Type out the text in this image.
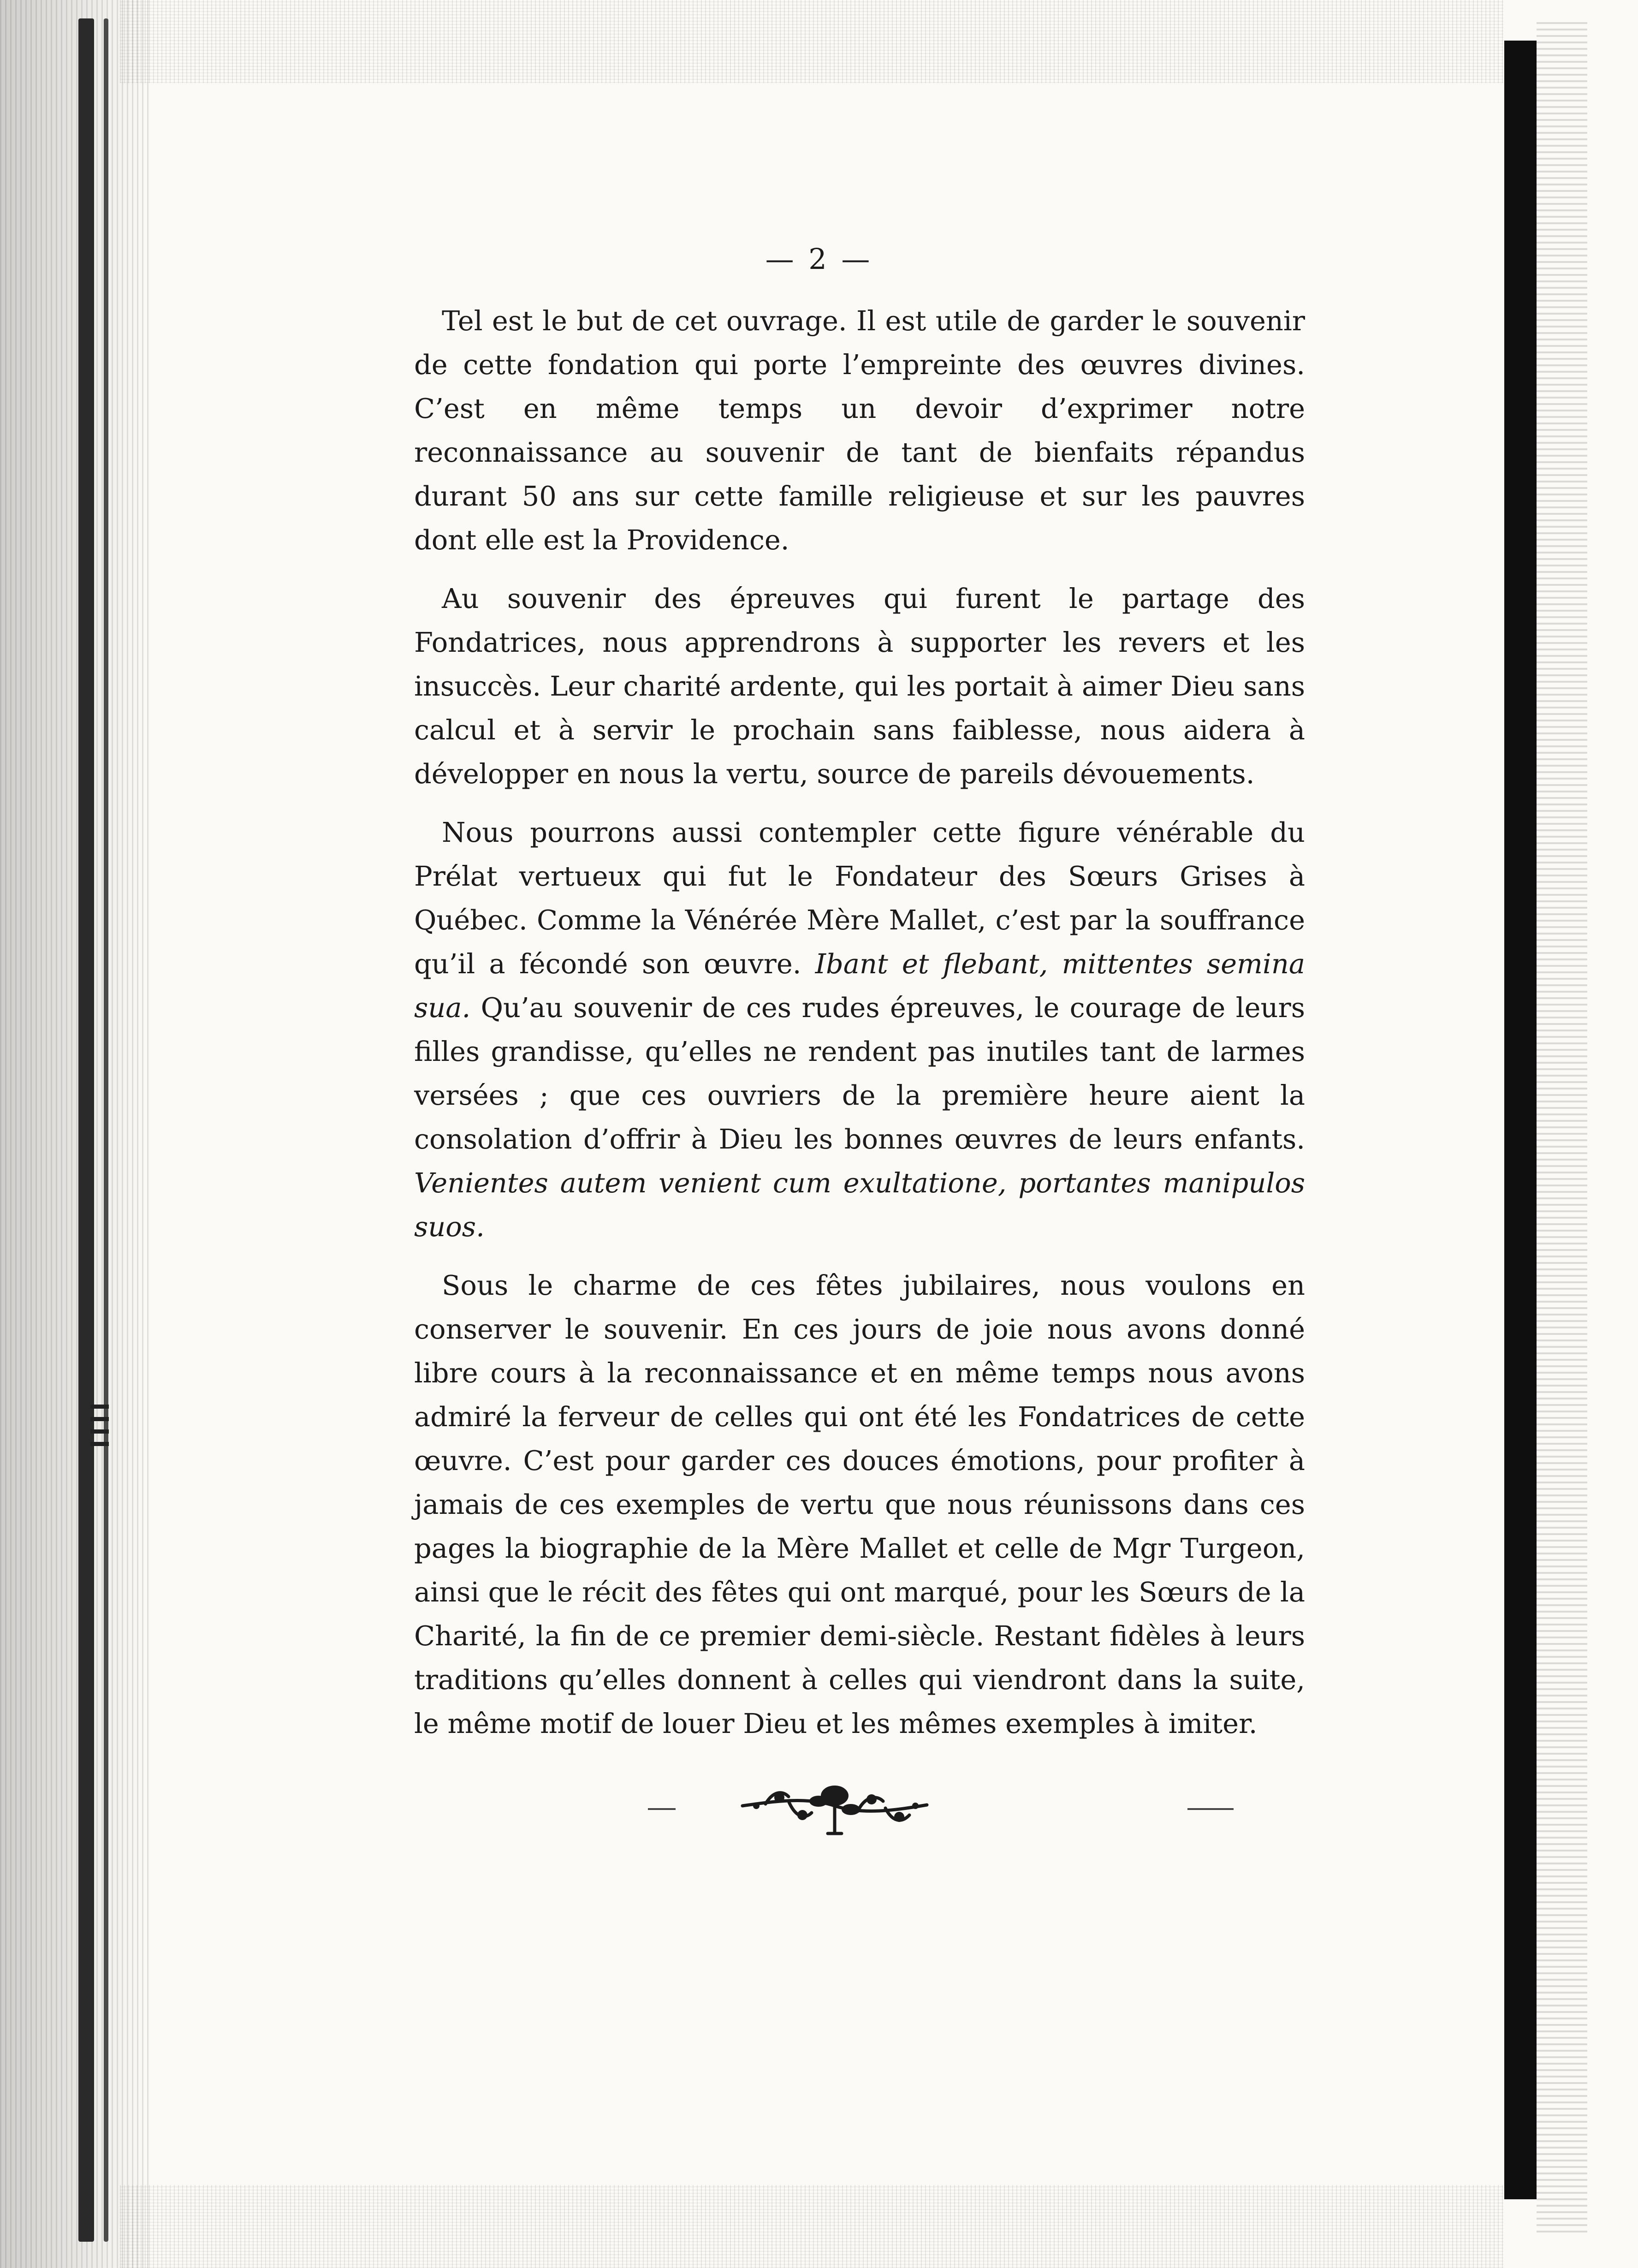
— 2 —

Tel est le but de cet ouvrage. Il est utile de garder le souvenir de cette fondation qui porte l’empreinte des œuvres divines. C’est en même temps un devoir d’exprimer notre reconnaissance au souvenir de tant de bienfaits répandus durant 50 ans sur cette famille religieuse et sur les pauvres dont elle est la Providence.

Au souvenir des épreuves qui furent le partage des Fondatrices, nous apprendrons à supporter les revers et les insuccès. Leur charité ardente, qui les portait à aimer Dieu sans calcul et à servir le prochain sans faiblesse, nous aidera à développer en nous la vertu, source de pareils dévouements.

Nous pourrons aussi contempler cette figure vénérable du Prélat vertueux qui fut le Fondateur des Sœurs Grises à Québec. Comme la Vénérée Mère Mallet, c’est par la souffrance qu’il a fécondé son œuvre. Ibant et flebant, mittentes semina sua. Qu’au souvenir de ces rudes épreuves, le courage de leurs filles grandisse, qu’elles ne rendent pas inutiles tant de larmes versées ; que ces ouvriers de la première heure aient la consolation d’offrir à Dieu les bonnes œuvres de leurs enfants. Venientes autem venient cum exultatione, portantes manipulos suos.

Sous le charme de ces fêtes jubilaires, nous voulons en conserver le souvenir. En ces jours de joie nous avons donné libre cours à la reconnaissance et en même temps nous avons admiré la ferveur de celles qui ont été les Fondatrices de cette œuvre. C’est pour garder ces douces émotions, pour profiter à jamais de ces exemples de vertu que nous réunissons dans ces pages la biographie de la Mère Mallet et celle de Mgr Turgeon, ainsi que le récit des fêtes qui ont marqué, pour les Sœurs de la Charité, la fin de ce premier demi-siècle. Restant fidèles à leurs traditions qu’elles donnent à celles qui viendront dans la suite, le même motif de louer Dieu et les mêmes exemples à imiter.
